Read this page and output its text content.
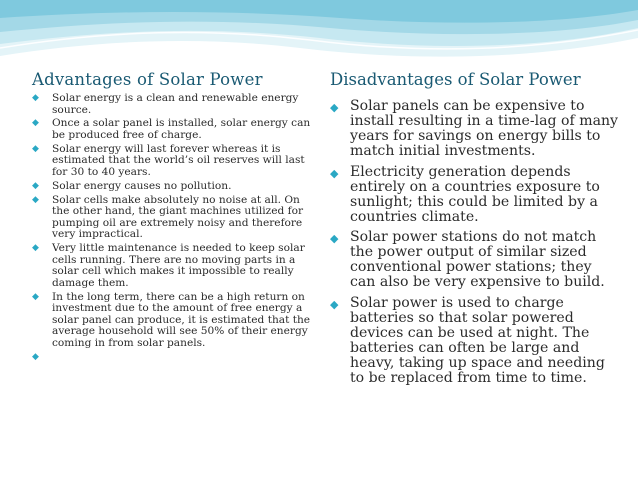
Advantages of Solar Power
◆ Solar energy is a clean and renewable energy source.
◆ Once a solar panel is installed, solar energy can be produced free of charge.
◆ Solar energy will last forever whereas it is estimated that the world’s oil reserves will last for 30 to 40 years.
◆ Solar energy causes no pollution.
◆ Solar cells make absolutely no noise at all. On the other hand, the giant machines utilized for pumping oil are extremely noisy and therefore very impractical.
◆ Very little maintenance is needed to keep solar cells running. There are no moving parts in a solar cell which makes it impossible to really damage them.
◆ In the long term, there can be a high return on investment due to the amount of free energy a solar panel can produce, it is estimated that the average household will see 50% of their energy coming in from solar panels.
◆
Disadvantages of Solar Power
◆ Solar panels can be expensive to install resulting in a time-lag of many years for savings on energy bills to match initial investments.
◆ Electricity generation depends entirely on a countries exposure to sunlight; this could be limited by a countries climate.
◆ Solar power stations do not match the power output of similar sized conventional power stations; they can also be very expensive to build.
◆ Solar power is used to charge batteries so that solar powered devices can be used at night. The batteries can often be large and heavy, taking up space and needing to be replaced from time to time.
